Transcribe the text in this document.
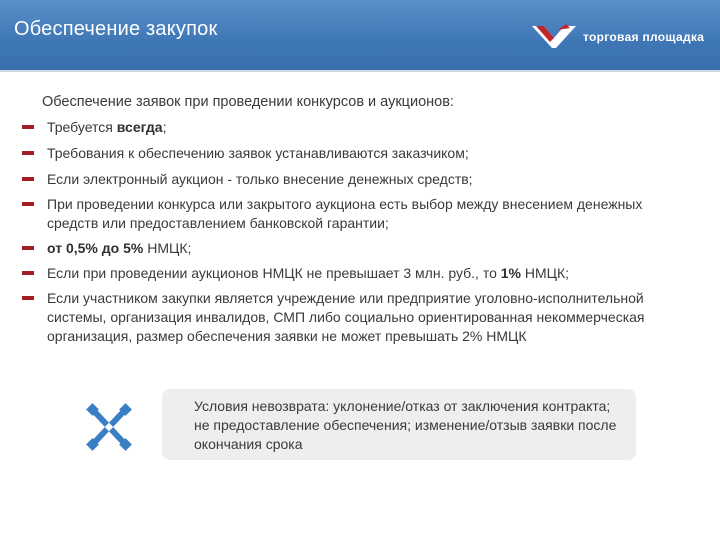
Обеспечение закупок	торговая площадка
Обеспечение заявок при проведении конкурсов и аукционов:
Требуется всегда;
Требования к обеспечению заявок устанавливаются заказчиком;
Если электронный аукцион - только внесение денежных средств;
При проведении конкурса или закрытого аукциона есть выбор между внесением денежных средств или предоставлением банковской гарантии;
от 0,5% до 5% НМЦК;
Если при проведении аукционов НМЦК не превышает 3 млн. руб., то 1% НМЦК;
Если участником закупки является учреждение или предприятие уголовно-исполнительной системы, организация инвалидов, СМП либо социально ориентированная некоммерческая организация, размер обеспечения заявки не может превышать 2% НМЦК
Условия невозврата: уклонение/отказ от заключения контракта; не предоставление обеспечения; изменение/отзыв заявки после окончания срока
